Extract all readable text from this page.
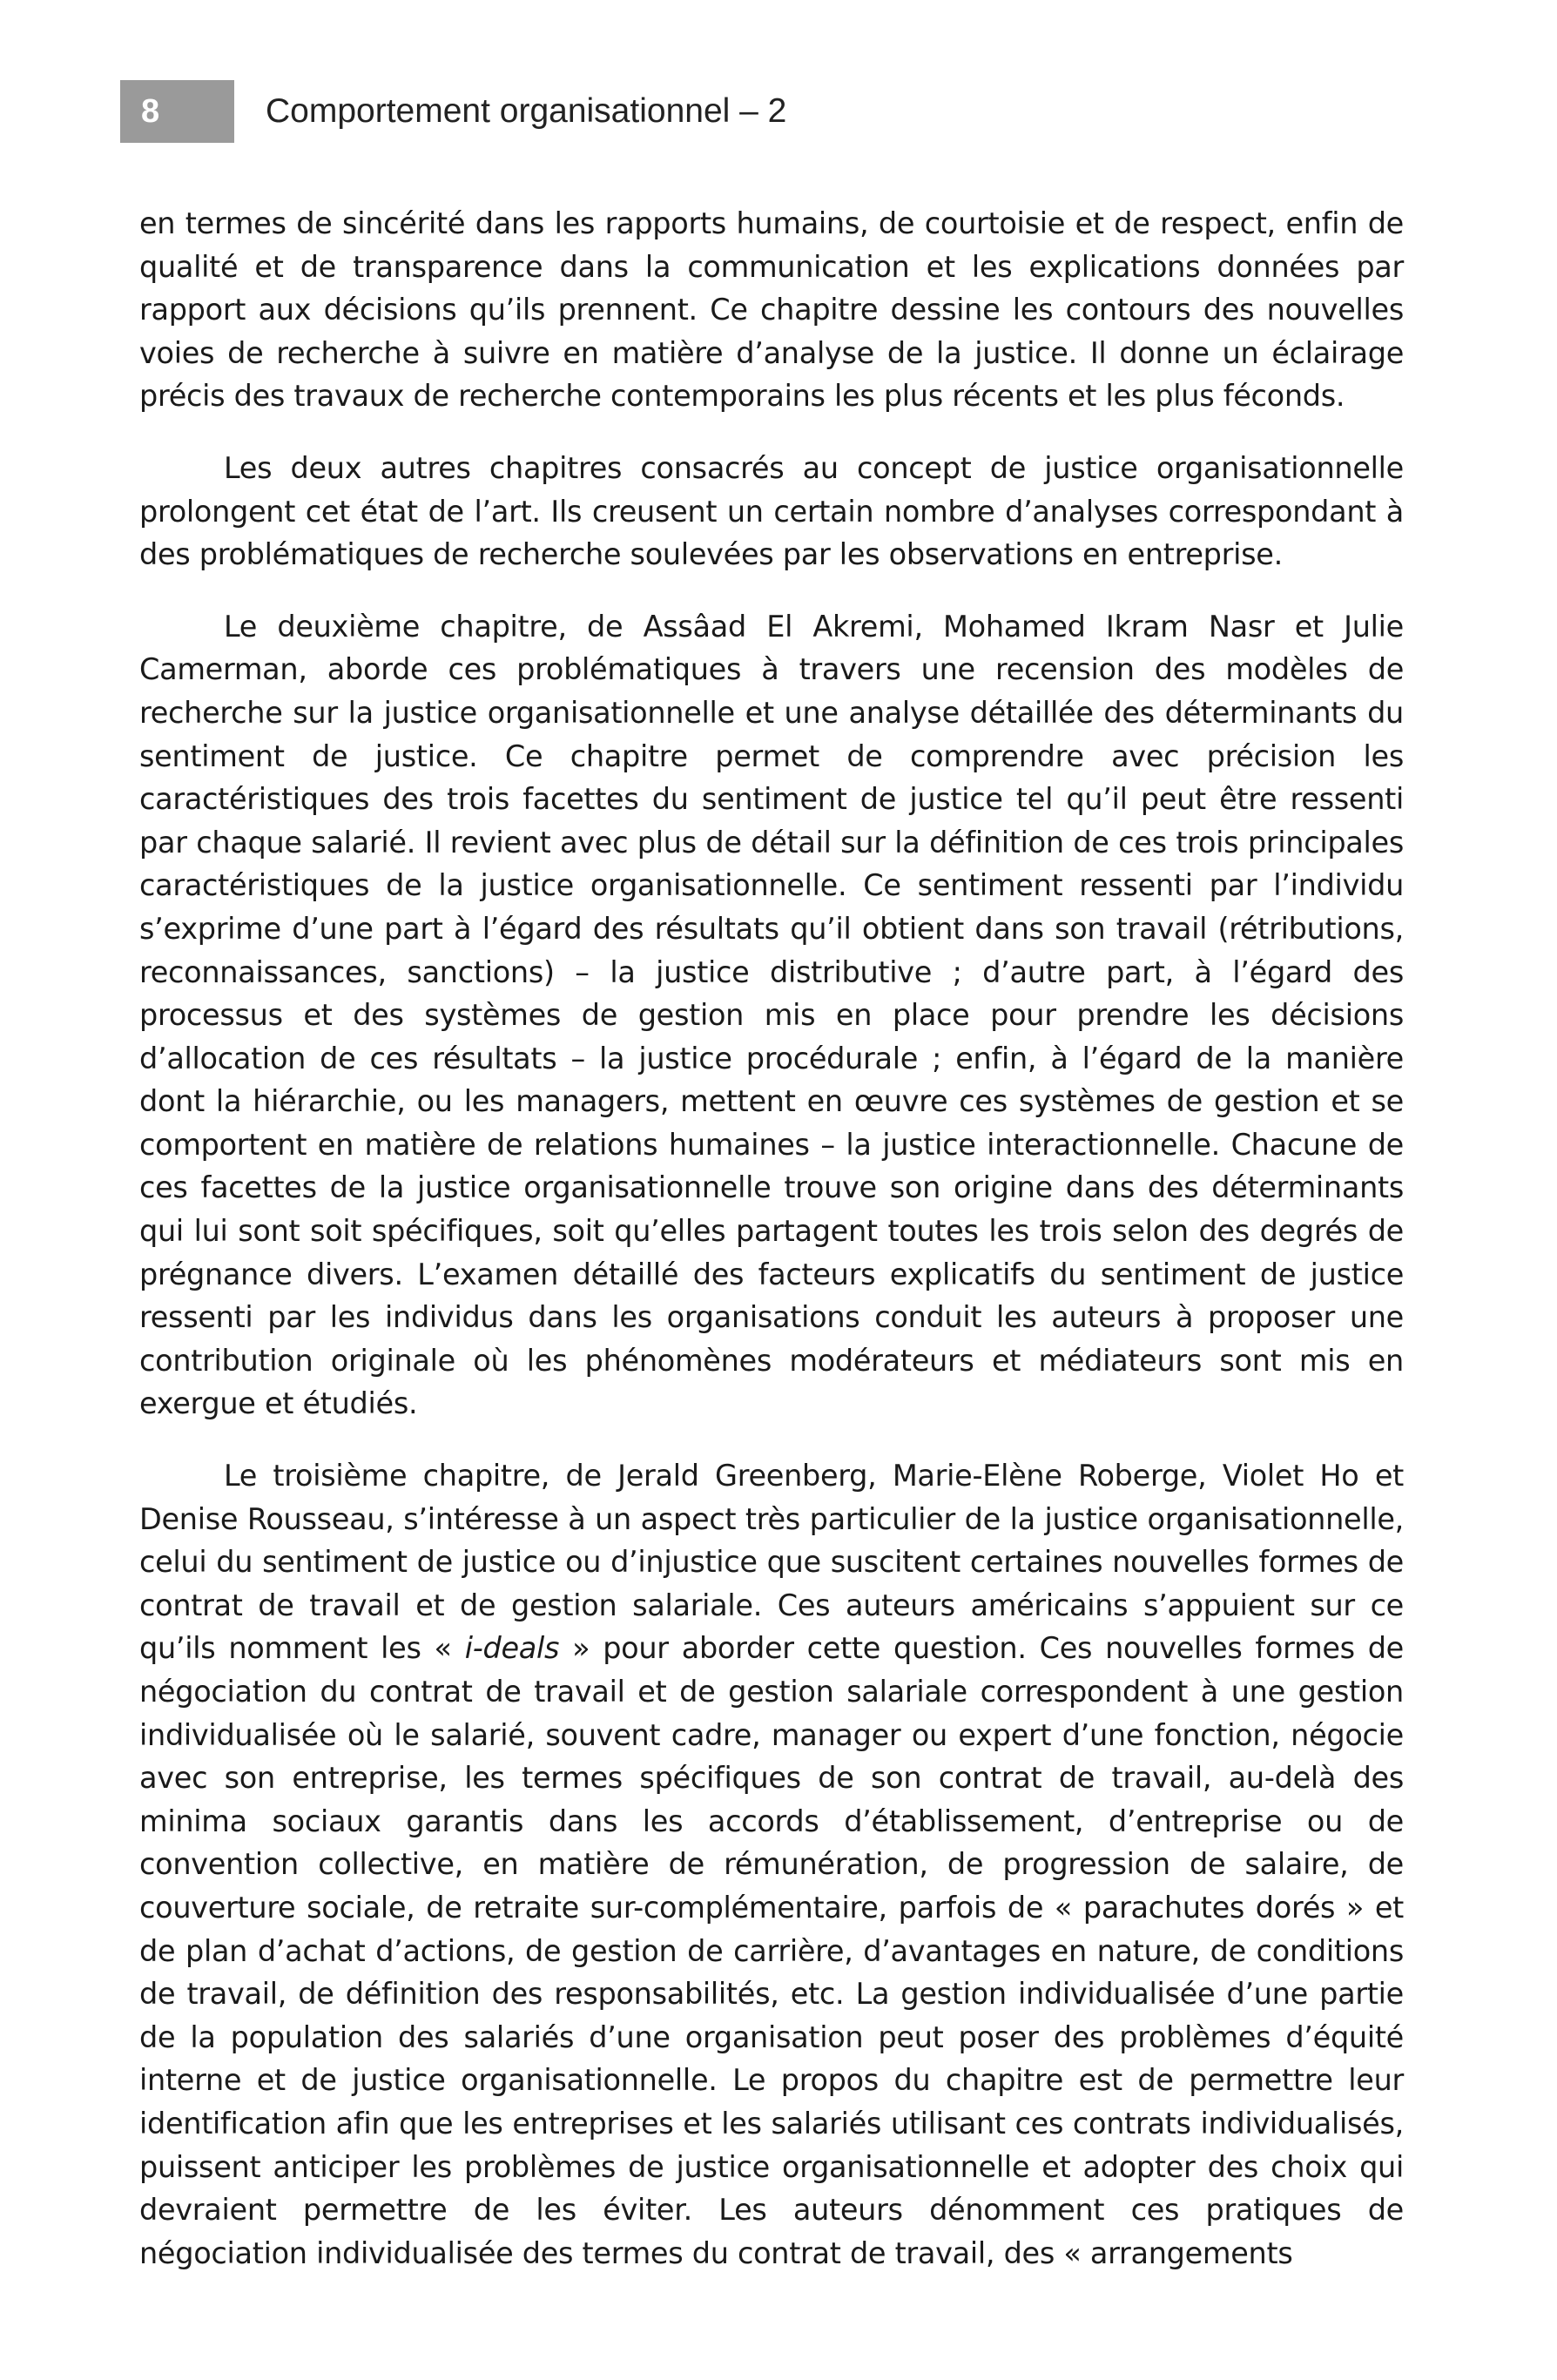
8	Comportement organisationnel – 2

en termes de sincérité dans les rapports humains, de courtoisie et de respect, enfin de qualité et de transparence dans la communication et les explications données par rapport aux décisions qu’ils prennent. Ce chapitre dessine les contours des nouvelles voies de recherche à suivre en matière d’analyse de la justice. Il donne un éclairage précis des travaux de recherche contemporains les plus récents et les plus féconds.

Les deux autres chapitres consacrés au concept de justice organisationnelle prolongent cet état de l’art. Ils creusent un certain nombre d’analyses correspondant à des problématiques de recherche soulevées par les observations en entreprise.

Le deuxième chapitre, de Assâad El Akremi, Mohamed Ikram Nasr et Julie Camerman, aborde ces problématiques à travers une recension des modèles de recherche sur la justice organisationnelle et une analyse détaillée des déterminants du sentiment de justice. Ce chapitre permet de comprendre avec précision les caractéristiques des trois facettes du sentiment de justice tel qu’il peut être ressenti par chaque salarié. Il revient avec plus de détail sur la définition de ces trois principales caractéristiques de la justice organisationnelle. Ce sentiment ressenti par l’individu s’exprime d’une part à l’égard des résultats qu’il obtient dans son travail (rétributions, reconnaissances, sanctions) – la justice distributive ; d’autre part, à l’égard des processus et des systèmes de gestion mis en place pour prendre les décisions d’allocation de ces résultats – la justice procédurale ; enfin, à l’égard de la manière dont la hiérarchie, ou les managers, mettent en œuvre ces systèmes de gestion et se comportent en matière de relations humaines – la justice interactionnelle. Chacune de ces facettes de la justice organisationnelle trouve son origine dans des déterminants qui lui sont soit spécifiques, soit qu’elles partagent toutes les trois selon des degrés de prégnance divers. L’examen détaillé des facteurs explicatifs du sentiment de justice ressenti par les individus dans les organisations conduit les auteurs à proposer une contribution originale où les phénomènes modérateurs et médiateurs sont mis en exergue et étudiés.

Le troisième chapitre, de Jerald Greenberg, Marie-Elène Roberge, Violet Ho et Denise Rousseau, s’intéresse à un aspect très particulier de la justice organisationnelle, celui du sentiment de justice ou d’injustice que suscitent certaines nouvelles formes de contrat de travail et de gestion salariale. Ces auteurs américains s’appuient sur ce qu’ils nomment les « i-deals » pour aborder cette question. Ces nouvelles formes de négociation du contrat de travail et de gestion salariale correspondent à une gestion individualisée où le salarié, souvent cadre, manager ou expert d’une fonction, négocie avec son entreprise, les termes spécifiques de son contrat de travail, au-delà des minima sociaux garantis dans les accords d’établissement, d’entreprise ou de convention collective, en matière de rémunération, de progression de salaire, de couverture sociale, de retraite sur-complémentaire, parfois de « parachutes dorés » et de plan d’achat d’actions, de gestion de carrière, d’avantages en nature, de conditions de travail, de définition des responsabilités, etc. La gestion individualisée d’une partie de la population des salariés d’une organisation peut poser des problèmes d’équité interne et de justice organisationnelle. Le propos du chapitre est de permettre leur identification afin que les entreprises et les salariés utilisant ces contrats individualisés, puissent anticiper les problèmes de justice organisationnelle et adopter des choix qui devraient permettre de les éviter. Les auteurs dénomment ces pratiques de négociation individualisée des termes du contrat de travail, des « arrangements
